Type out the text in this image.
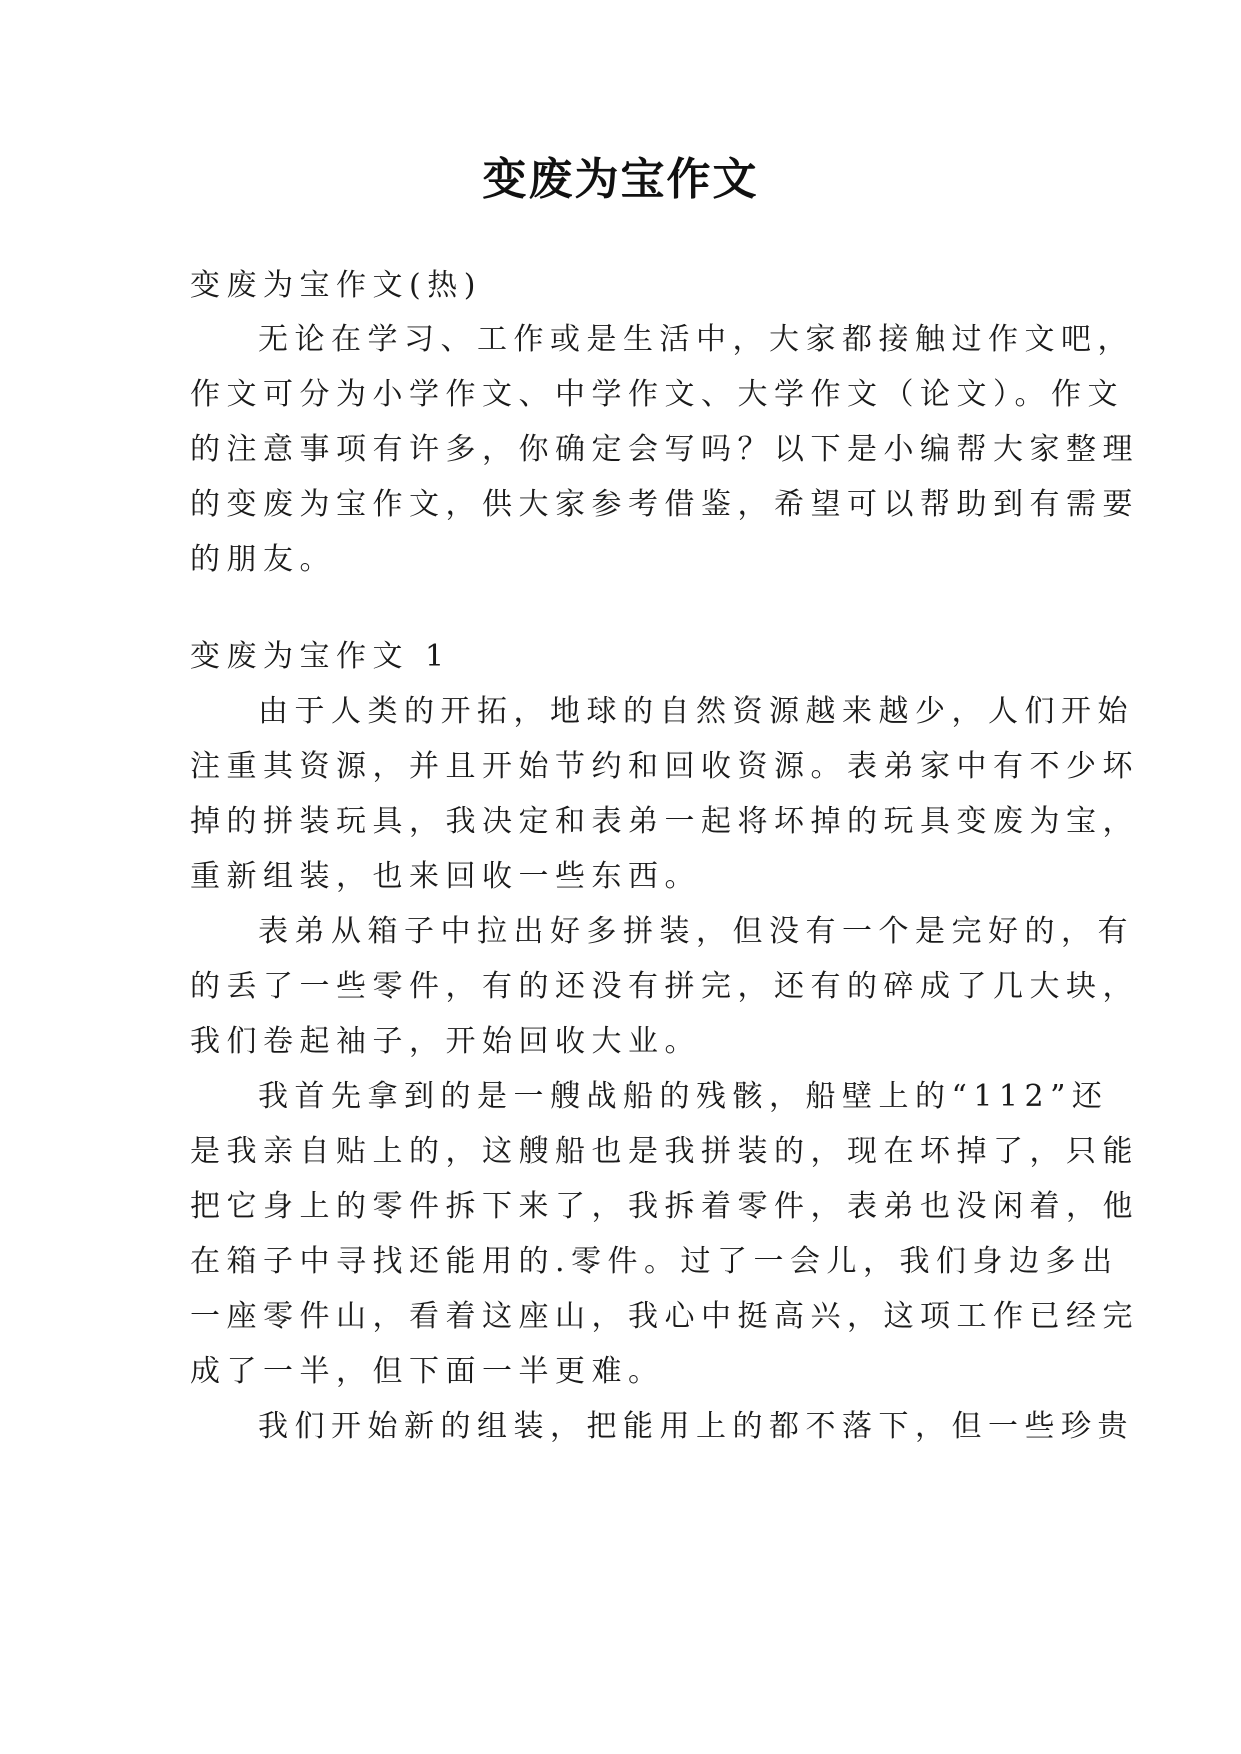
变废为宝作文
变废为宝作文(热)
无论在学习、工作或是生活中，大家都接触过作文吧，
作文可分为小学作文、中学作文、大学作文（论文）。作文
的注意事项有许多，你确定会写吗？以下是小编帮大家整理
的变废为宝作文，供大家参考借鉴，希望可以帮助到有需要
的朋友。
变废为宝作文 1
由于人类的开拓，地球的自然资源越来越少，人们开始
注重其资源，并且开始节约和回收资源。表弟家中有不少坏
掉的拼装玩具，我决定和表弟一起将坏掉的玩具变废为宝，
重新组装，也来回收一些东西。
表弟从箱子中拉出好多拼装，但没有一个是完好的，有
的丢了一些零件，有的还没有拼完，还有的碎成了几大块，
我们卷起袖子，开始回收大业。
我首先拿到的是一艘战船的残骸，船壁上的“112”还
是我亲自贴上的，这艘船也是我拼装的，现在坏掉了，只能
把它身上的零件拆下来了，我拆着零件，表弟也没闲着，他
在箱子中寻找还能用的.零件。过了一会儿，我们身边多出
一座零件山，看着这座山，我心中挺高兴，这项工作已经完
成了一半，但下面一半更难。
我们开始新的组装，把能用上的都不落下，但一些珍贵
